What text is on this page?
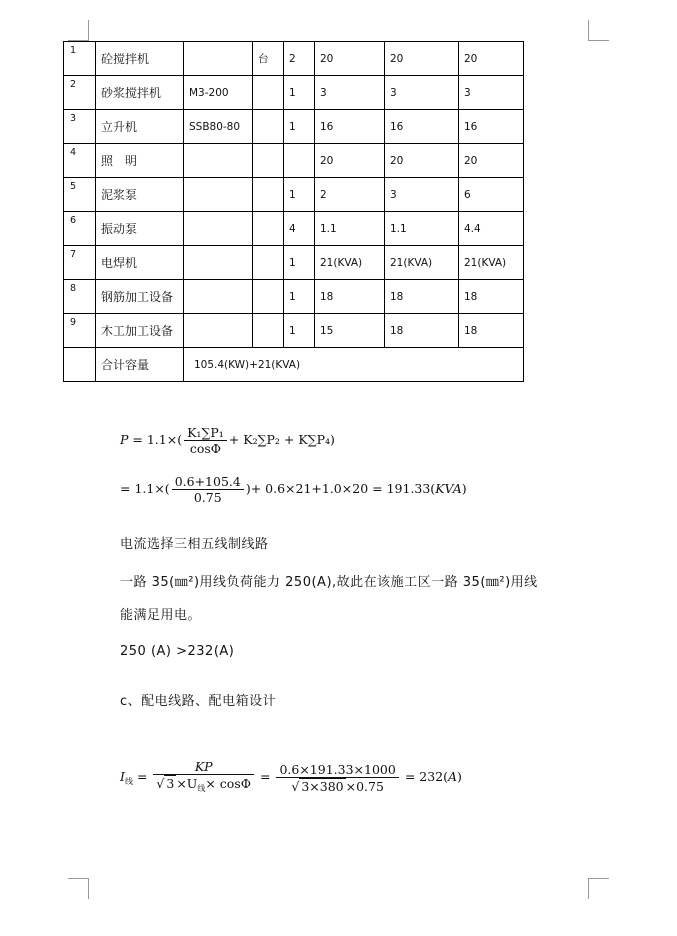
1	砼搅拌机		台	2	20	20	20

2	砂浆搅拌机	M3-200		1	3	3	3

3	立升机	SSB80-80		1	16	16	16

4	照　明				20	20	20

5	泥浆泵			1	2	3	6

6	振动泵			4	1.1	1.1	4.4

7	电焊机			1	21(KVA)	21(KVA)	21(KVA)

8	钢筋加工设备			1	18	18	18

9	木工加工设备			1	15	18	18
	合计容量	105.4(KW)+21(KVA)					
$P = 1.1\times( \frac{\text{K₁∑P₁}}{\cos\Phi} + K_2\sum P_2 + K\sum P_4)$
= $1.1\times( \frac{0.6+105.4}{0.75}$ )+ 0.6×21+1.0×20 = 191.33(KVA)
电流选择三相五线制线路
一路 35(㎜²)用线负荷能力 250(A),故此在该施工区一路 35(㎜²)用线
能满足用电。
250 (A) >232(A)
c、配电线路、配电箱设计
$I_线 = \frac{KP}{√ 3 \times U_线\times \cos\Phi} = \frac{0.6\times 191.33\times 1000}{√ 3\times 380 \times 0.75} = 232(A)$
